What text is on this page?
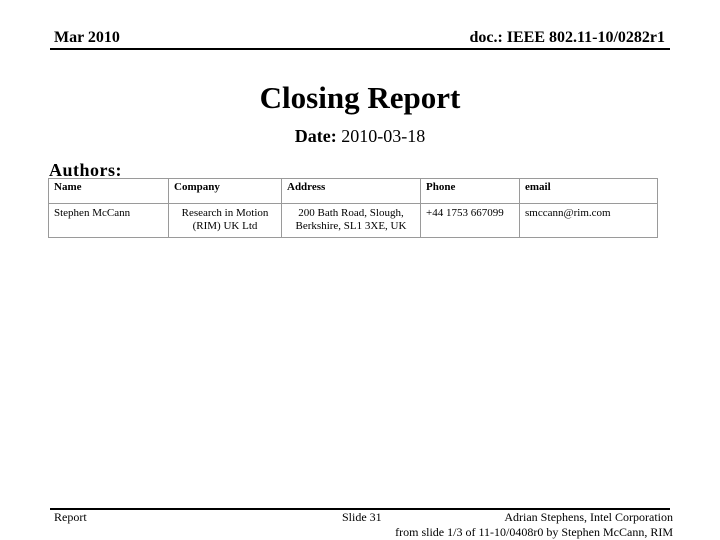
Mar 2010	doc.: IEEE 802.11-10/0282r1
Closing Report
Date: 2010-03-18
Authors:
Name	Company	Address	Phone	email
Stephen McCann	Research in Motion (RIM) UK Ltd	200 Bath Road, Slough, Berkshire, SL1 3XE, UK	+44 1753 667099	smccann@rim.com
Report	Slide 31	Adrian Stephens, Intel Corporation
from slide 1/3 of 11-10/0408r0 by Stephen McCann, RIM
